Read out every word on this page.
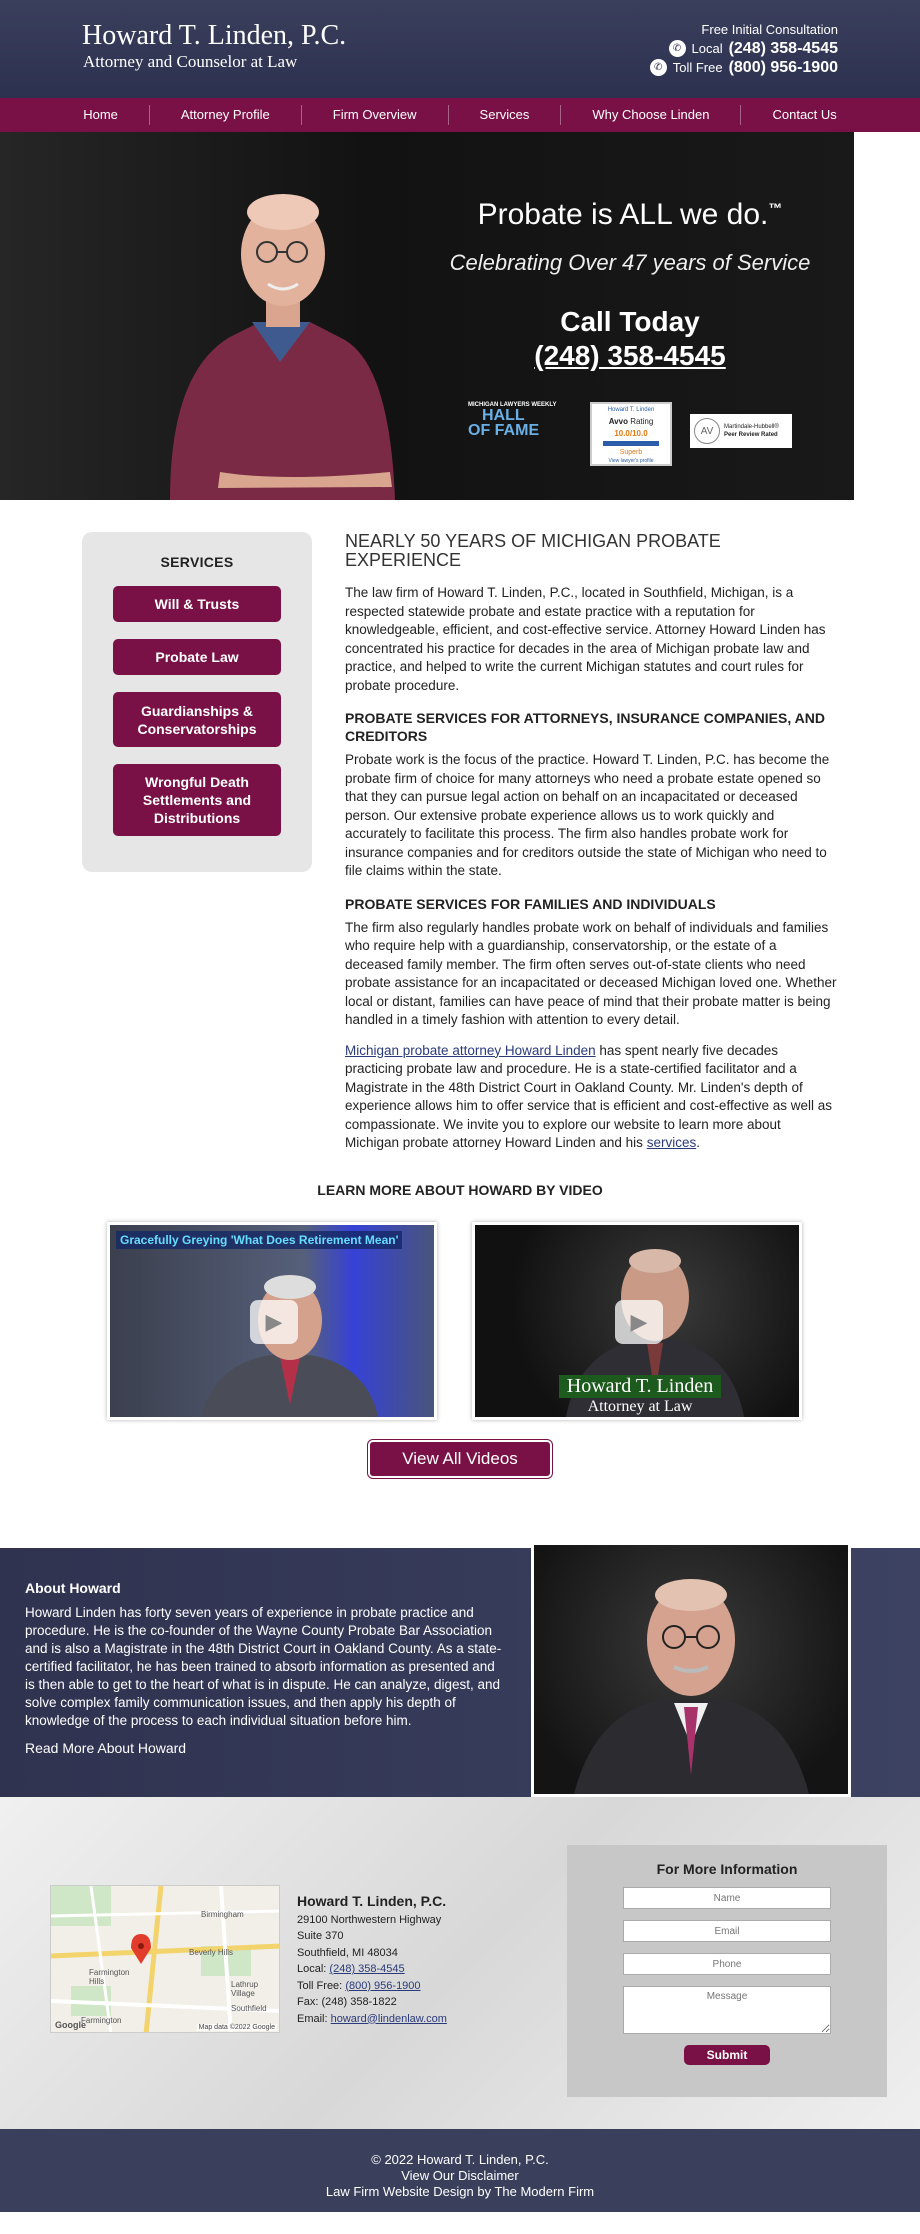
Howard T. Linden, P.C.
Attorney and Counselor at Law
Free Initial Consultation
✆ Local (248) 358-4545
✆ Toll Free (800) 956-1900
Home	Attorney Profile	Firm Overview	Services	Why Choose Linden	Contact Us
Probate is ALL we do.™
Celebrating Over 47 years of Service
Call Today
(248) 358-4545
MICHIGAN LAWYERS WEEKLY
HALL
OF FAME
Howard T. Linden
Avvo Rating
10.0/10.0
Superb
View lawyer's profile
AV	Martindale-Hubbell®
Peer Review Rated
SERVICES
Will & Trusts
Probate Law
Guardianships & Conservatorships
Wrongful Death Settlements and Distributions
NEARLY 50 YEARS OF MICHIGAN PROBATE EXPERIENCE

The law firm of Howard T. Linden, P.C., located in Southfield, Michigan, is a respected statewide probate and estate practice with a reputation for knowledgeable, efficient, and cost-effective service. Attorney Howard Linden has concentrated his practice for decades in the area of Michigan probate law and practice, and helped to write the current Michigan statutes and court rules for probate procedure.

PROBATE SERVICES FOR ATTORNEYS, INSURANCE COMPANIES, AND CREDITORS

Probate work is the focus of the practice. Howard T. Linden, P.C. has become the probate firm of choice for many attorneys who need a probate estate opened so that they can pursue legal action on behalf on an incapacitated or deceased person. Our extensive probate experience allows us to work quickly and accurately to facilitate this process. The firm also handles probate work for insurance companies and for creditors outside the state of Michigan who need to file claims within the state.

PROBATE SERVICES FOR FAMILIES AND INDIVIDUALS

The firm also regularly handles probate work on behalf of individuals and families who require help with a guardianship, conservatorship, or the estate of a deceased family member. The firm often serves out-of-state clients who need probate assistance for an incapacitated or deceased Michigan loved one. Whether local or distant, families can have peace of mind that their probate matter is being handled in a timely fashion with attention to every detail.

Michigan probate attorney Howard Linden has spent nearly five decades practicing probate law and procedure. He is a state-certified facilitator and a Magistrate in the 48th District Court in Oakland County. Mr. Linden's depth of experience allows him to offer service that is efficient and cost-effective as well as compassionate. We invite you to explore our website to learn more about Michigan probate attorney Howard Linden and his services.

LEARN MORE ABOUT HOWARD BY VIDEO
Gracefully Greying 'What Does Retirement Mean'
▶
Howard T. Linden
Attorney at Law
▶
View All Videos
About Howard
Howard Linden has forty seven years of experience in probate practice and procedure. He is the co-founder of the Wayne County Probate Bar Association and is also a Magistrate in the 48th District Court in Oakland County. As a state-certified facilitator, he has been trained to absorb information as presented and is then able to get to the heart of what is in dispute. He can analyze, digest, and solve complex family communication issues, and then apply his depth of knowledge of the process to each individual situation before him.
Read More About Howard
Birmingham
Beverly Hills
Farmington Hills	Lathrup Village
Southfield
Farmington
Google	Map data ©2022 Google
Howard T. Linden, P.C.
29100 Northwestern Highway
Suite 370
Southfield, MI 48034
Local: (248) 358-4545
Toll Free: (800) 956-1900
Fax: (248) 358-1822
Email: howard@lindenlaw.com
For More Information
Name
Email
Phone
Message Submit
© 2022 Howard T. Linden, P.C.
View Our Disclaimer
Law Firm Website Design by The Modern Firm
